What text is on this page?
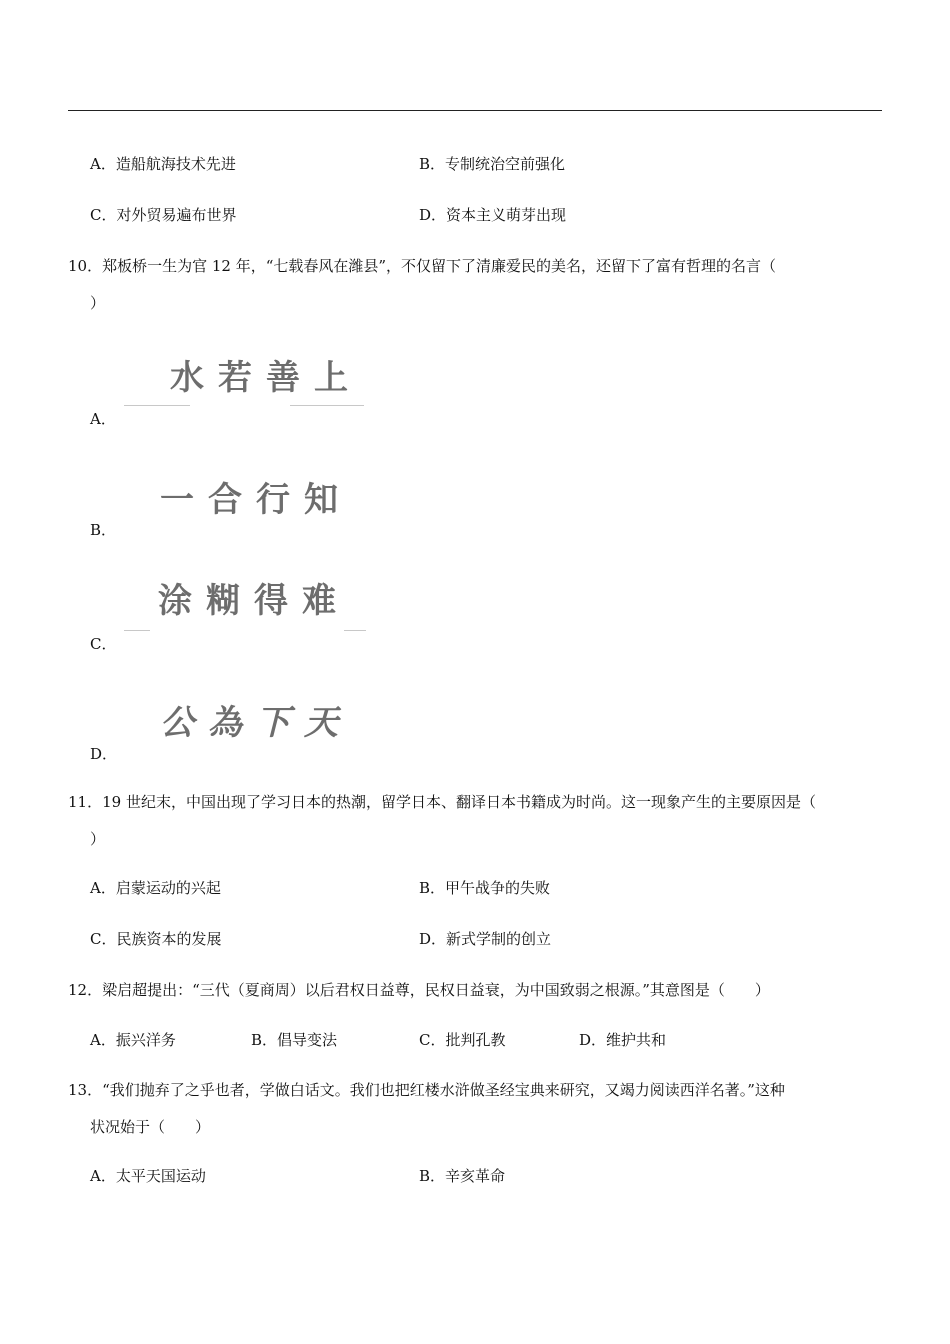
A．造船航海技术先进	B．专制统治空前强化
C．对外贸易遍布世界	D．资本主义萌芽出现
10．郑板桥一生为官 12 年，“七载春风在潍县”，不仅留下了清廉爱民的美名，还留下了富有哲理的名言（
）
水若善上
A．
一合行知
B．
涂糊得难
C．
公為下天
D．
11．19 世纪末，中国出现了学习日本的热潮，留学日本、翻译日本书籍成为时尚。这一现象产生的主要原因是（
）
A．启蒙运动的兴起	B．甲午战争的失败
C．民族资本的发展	D．新式学制的创立
12．梁启超提出：“三代（夏商周）以后君权日益尊，民权日益衰，为中国致弱之根源。”其意图是（　　）
A．振兴洋务	B．倡导变法	C．批判孔教	D．维护共和
13．“我们抛弃了之乎也者，学做白话文。我们也把红楼水浒做圣经宝典来研究，又竭力阅读西洋名著。”这种
状况始于（　　）
A．太平天国运动	B．辛亥革命
